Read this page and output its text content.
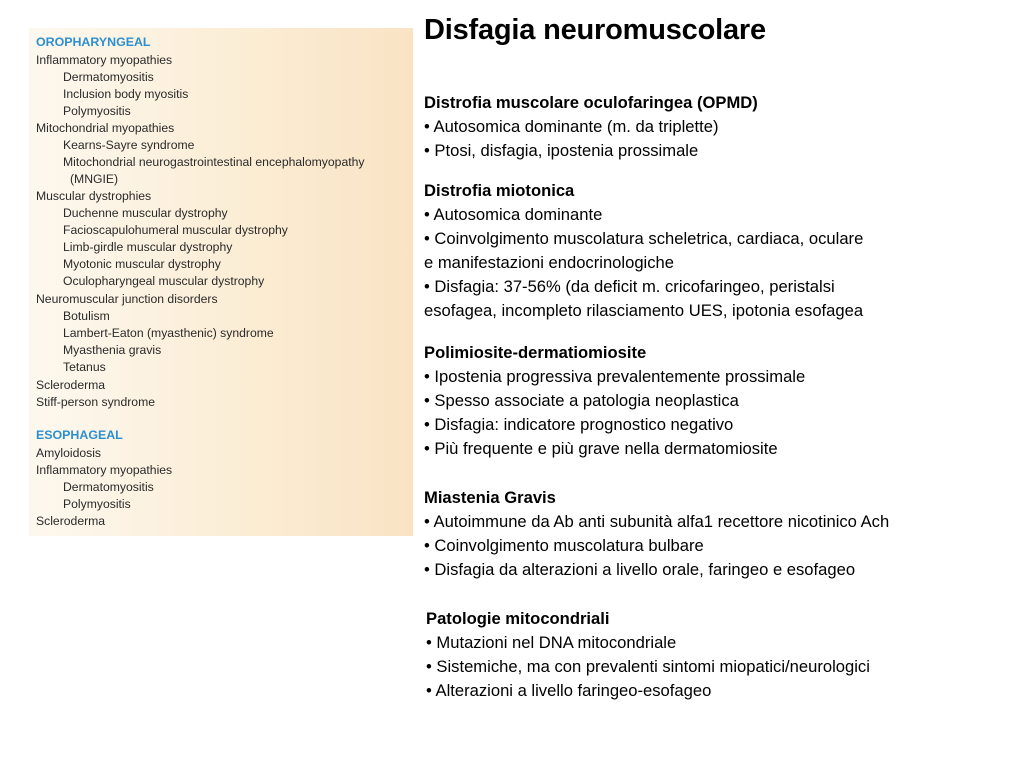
Disfagia neuromuscolare
OROPHARYNGEAL
Inflammatory myopathies
Dermatomyositis
Inclusion body myositis
Polymyositis
Mitochondrial myopathies
Kearns-Sayre syndrome
Mitochondrial neurogastrointestinal encephalomyopathy
(MNGIE)
Muscular dystrophies
Duchenne muscular dystrophy
Facioscapulohumeral muscular dystrophy
Limb-girdle muscular dystrophy
Myotonic muscular dystrophy
Oculopharyngeal muscular dystrophy
Neuromuscular junction disorders
Botulism
Lambert-Eaton (myasthenic) syndrome
Myasthenia gravis
Tetanus
Scleroderma
Stiff-person syndrome
ESOPHAGEAL
Amyloidosis
Inflammatory myopathies
Dermatomyositis
Polymyositis
Scleroderma
Distrofia muscolare oculofaringea (OPMD)
• Autosomica dominante (m. da triplette)
• Ptosi, disfagia, ipostenia prossimale
Distrofia miotonica
• Autosomica dominante
• Coinvolgimento muscolatura scheletrica, cardiaca, oculare
e manifestazioni endocrinologiche
• Disfagia: 37-56% (da deficit m. cricofaringeo, peristalsi
esofagea, incompleto rilasciamento UES, ipotonia esofagea
Polimiosite-dermatiomiosite
• Ipostenia progressiva prevalentemente prossimale
• Spesso associate a patologia neoplastica
• Disfagia: indicatore prognostico negativo
• Più frequente e più grave nella dermatomiosite
Miastenia Gravis
• Autoimmune da Ab anti subunità alfa1 recettore nicotinico Ach
• Coinvolgimento muscolatura bulbare
• Disfagia da alterazioni a livello orale, faringeo e esofageo
Patologie mitocondriali
• Mutazioni nel DNA mitocondriale
• Sistemiche, ma con prevalenti sintomi miopatici/neurologici
• Alterazioni a livello faringeo-esofageo
